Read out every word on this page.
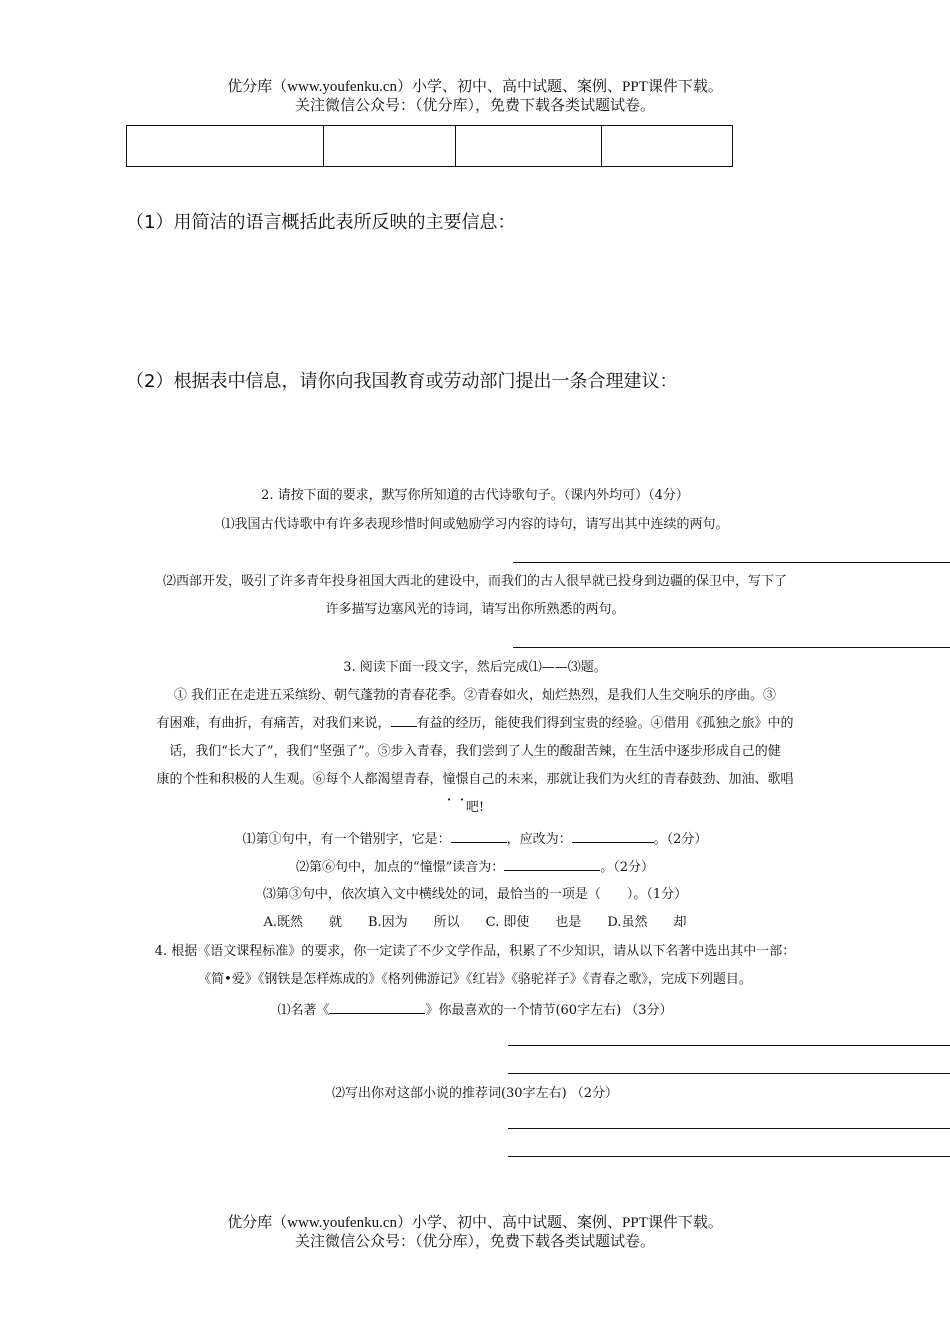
优分库（www.youfenku.cn）小学、初中、高中试题、案例、PPT课件下载。
关注微信公众号：（优分库），免费下载各类试题试卷。

（1）用简洁的语言概括此表所反映的主要信息：
（2）根据表中信息，请你向我国教育或劳动部门提出一条合理建议：
2. 请按下面的要求，默写你所知道的古代诗歌句子。（课内外均可）（4分）
⑴我国古代诗歌中有许多表现珍惜时间或勉励学习内容的诗句，请写出其中连续的两句。
⑵西部开发，吸引了许多青年投身祖国大西北的建设中，而我们的古人很早就已投身到边疆的保卫中，写下了
许多描写边塞风光的诗词，请写出你所熟悉的两句。
3. 阅读下面一段文字，然后完成⑴——⑶题。
① 我们正在走进五采缤纷、朝气蓬勃的青春花季。②青春如火，灿烂热烈，是我们人生交响乐的序曲。③
有困难，有曲折，有痛苦，对我们来说， 有益的经历，能使我们得到宝贵的经验。④借用《孤独之旅》中的
话，我们“长大了”，我们“坚强了”。⑤步入青春，我们尝到了人生的酸甜苦辣，在生活中逐步形成自己的健
康的个性和积极的人生观。⑥每个人都渴望青春，憧憬自己的未来，那就让我们为火红的青春鼓劲、加油、歌唱
吧!
⑴第①句中，有一个错别字，它是：	，应改为：	。（2分）
⑵第⑥句中，加点的“憧憬”读音为：	。（2分）
⑶第③句中，依次填入文中横线处的词，最恰当的一项是（　　）。（1分）
A.既然　　就　　B.因为　　所以　　C. 即使　　也是　　D.虽然　　却
4. 根据《语文课程标准》的要求，你一定读了不少文学作品，积累了不少知识，请从以下名著中选出其中一部：
《简•爱》《钢铁是怎样炼成的》《格列佛游记》《红岩》《骆驼祥子》《青春之歌》，完成下列题目。
⑴名著《	》你最喜欢的一个情节(60字左右) （3分）
⑵写出你对这部小说的推荐词(30字左右) （2分）
优分库（www.youfenku.cn）小学、初中、高中试题、案例、PPT课件下载。
关注微信公众号：（优分库），免费下载各类试题试卷。
